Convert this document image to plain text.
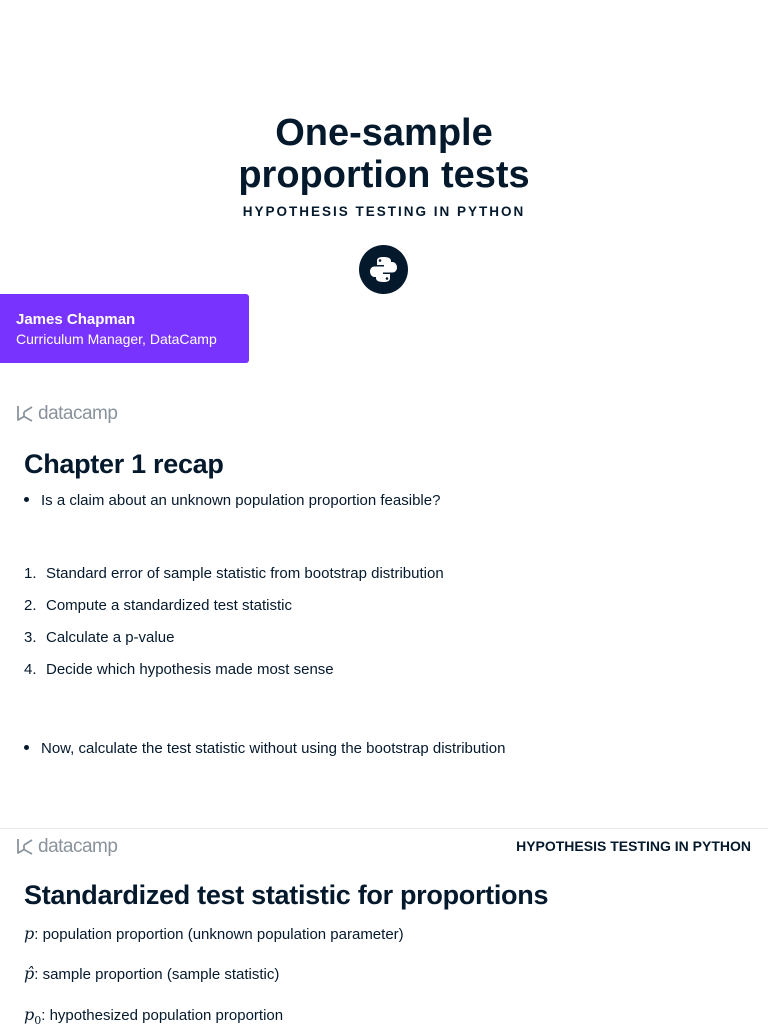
One-sample
proportion tests
HYPOTHESIS TESTING IN PYTHON
James Chapman
Curriculum Manager, DataCamp
datacamp
Chapter 1 recap
Is a claim about an unknown population proportion feasible?
1. Standard error of sample statistic from bootstrap distribution
2. Compute a standardized test statistic
3. Calculate a p-value
4. Decide which hypothesis made most sense
Now, calculate the test statistic without using the bootstrap distribution
datacamp	HYPOTHESIS TESTING IN PYTHON
Standardized test statistic for proportions
p: population proportion (unknown population parameter)
p̂: sample proportion (sample statistic)
$p_0$: hypothesized population proportion
